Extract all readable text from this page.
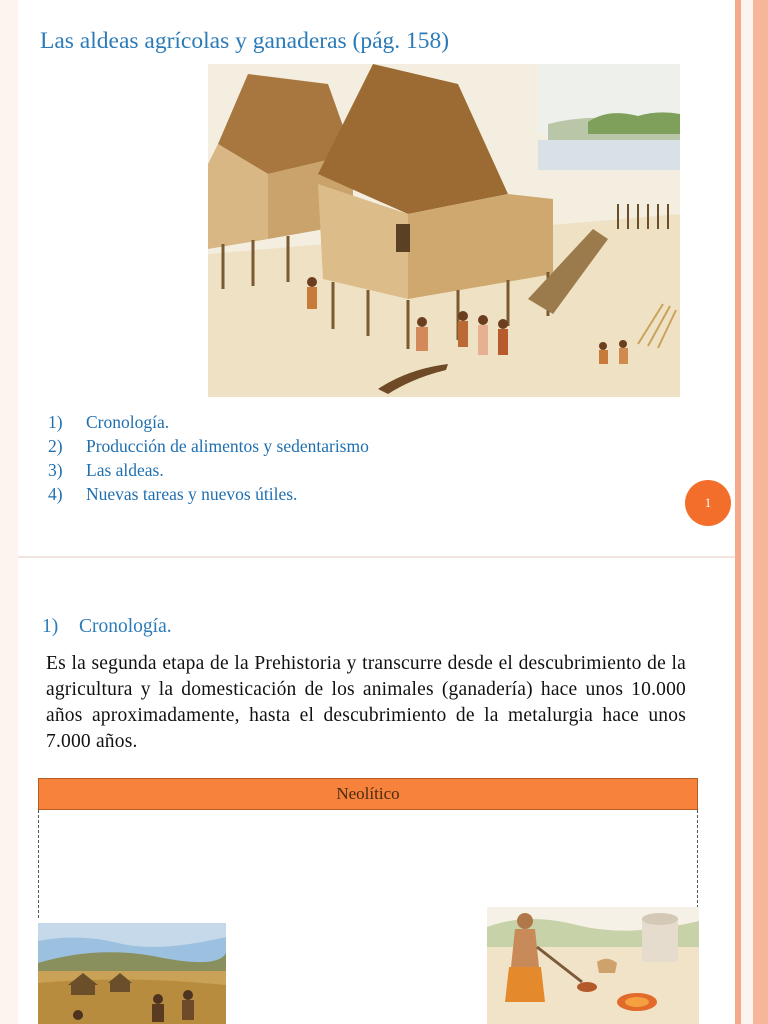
Las aldeas agrícolas y ganaderas (pág. 158)
1) Cronología.
2) Producción de alimentos y sedentarismo
3) Las aldeas.
4) Nuevas tareas y nuevos útiles.	1
1) Cronología.

Es la segunda etapa de la Prehistoria y transcurre desde el descubrimiento de la agricultura y la domesticación de los animales (ganadería) hace unos 10.000 años aproximadamente, hasta el descubrimiento de la metalurgia hace unos 7.000 años.

Neolítico
